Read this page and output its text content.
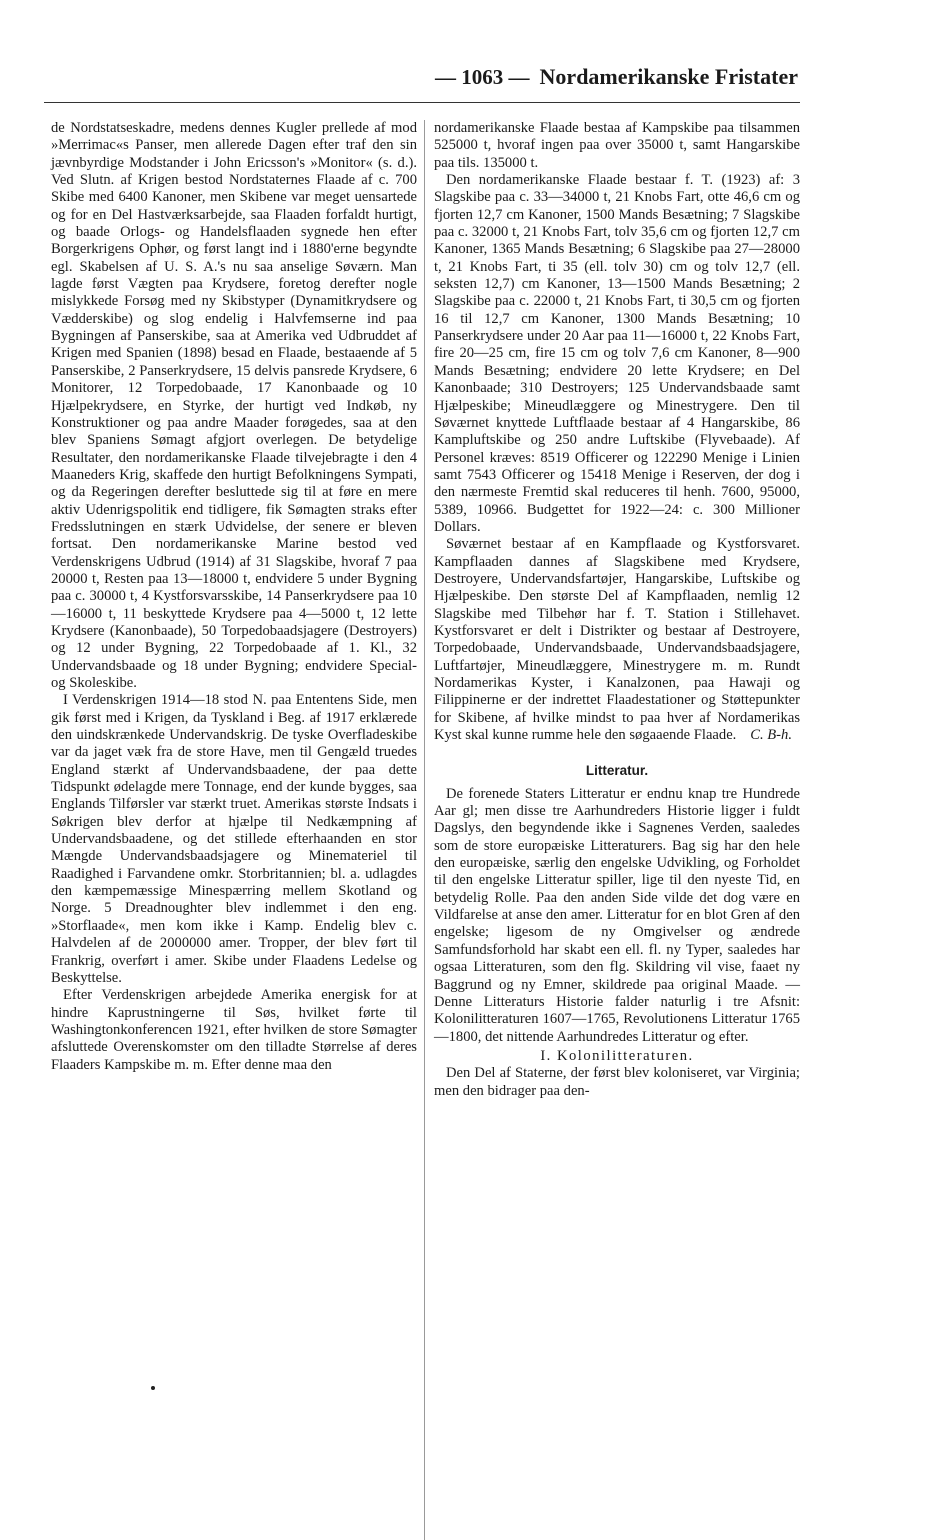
— 1063 — Nordamerikanske Fristater

de Nordstatseskadre, medens dennes Kugler prellede af mod »Merrimac«s Panser, men allerede Dagen efter traf den sin jævnbyrdige Modstander i John Ericsson's »Monitor« (s. d.). Ved Slutn. af Krigen bestod Nordstaternes Flaade af c. 700 Skibe med 6400 Kanoner, men Skibene var meget uensartede og for en Del Hastværksarbejde, saa Flaaden forfaldt hurtigt, og baade Orlogs- og Handelsflaaden sygnede hen efter Borgerkrigens Ophør, og først langt ind i 1880'erne begyndte egl. Skabelsen af U. S. A.'s nu saa anselige Søværn. Man lagde først Vægten paa Krydsere, foretog derefter nogle mislykkede Forsøg med ny Skibstyper (Dynamitkrydsere og Vædderskibe) og slog endelig i Halvfemserne ind paa Bygningen af Panserskibe, saa at Amerika ved Udbruddet af Krigen med Spanien (1898) besad en Flaade, bestaaende af 5 Panserskibe, 2 Panserkrydsere, 15 delvis pansrede Krydsere, 6 Monitorer, 12 Torpedobaade, 17 Kanonbaade og 10 Hjælpekrydsere, en Styrke, der hurtigt ved Indkøb, ny Konstruktioner og paa andre Maader forøgedes, saa at den blev Spaniens Sømagt afgjort overlegen. De betydelige Resultater, den nordamerikanske Flaade tilvejebragte i den 4 Maaneders Krig, skaffede den hurtigt Befolkningens Sympati, og da Regeringen derefter besluttede sig til at føre en mere aktiv Udenrigspolitik end tidligere, fik Sømagten straks efter Fredsslutningen en stærk Udvidelse, der senere er bleven fortsat. Den nordamerikanske Marine bestod ved Verdenskrigens Udbrud (1914) af 31 Slagskibe, hvoraf 7 paa 20000 t, Resten paa 13—18000 t, endvidere 5 under Bygning paa c. 30000 t, 4 Kystforsvarsskibe, 14 Panserkrydsere paa 10—16000 t, 11 beskyttede Krydsere paa 4—5000 t, 12 lette Krydsere (Kanonbaade), 50 Torpedobaadsjagere (Destroyers) og 12 under Bygning, 22 Torpedobaade af 1. Kl., 32 Undervandsbaade og 18 under Bygning; endvidere Special- og Skoleskibe.

I Verdenskrigen 1914—18 stod N. paa Ententens Side, men gik først med i Krigen, da Tyskland i Beg. af 1917 erklærede den uindskrænkede Undervandskrig. De tyske Overfladeskibe var da jaget væk fra de store Have, men til Gengæld truedes England stærkt af Undervandsbaadene, der paa dette Tidspunkt ødelagde mere Tonnage, end der kunde bygges, saa Englands Tilførsler var stærkt truet. Amerikas største Indsats i Søkrigen blev derfor at hjælpe til Nedkæmpning af Undervandsbaadene, og det stillede efterhaanden en stor Mængde Undervandsbaadsjagere og Minemateriel til Raadighed i Farvandene omkr. Storbritannien; bl. a. udlagdes den kæmpemæssige Minespærring mellem Skotland og Norge. 5 Dreadnoughter blev indlemmet i den eng. »Storflaade«, men kom ikke i Kamp. Endelig blev c. Halvdelen af de 2000000 amer. Tropper, der blev ført til Frankrig, overført i amer. Skibe under Flaadens Ledelse og Beskyttelse.

Efter Verdenskrigen arbejdede Amerika energisk for at hindre Kaprustningerne til Søs, hvilket førte til Washingtonkonferencen 1921, efter hvilken de store Sømagter afsluttede Overenskomster om den tilladte Størrelse af deres Flaaders Kampskibe m. m. Efter denne maa den

nordamerikanske Flaade bestaa af Kampskibe paa tilsammen 525000 t, hvoraf ingen paa over 35000 t, samt Hangarskibe paa tils. 135000 t.

Den nordamerikanske Flaade bestaar f. T. (1923) af: 3 Slagskibe paa c. 33—34000 t, 21 Knobs Fart, otte 46,6 cm og fjorten 12,7 cm Kanoner, 1500 Mands Besætning; 7 Slagskibe paa c. 32000 t, 21 Knobs Fart, tolv 35,6 cm og fjorten 12,7 cm Kanoner, 1365 Mands Besætning; 6 Slagskibe paa 27—28000 t, 21 Knobs Fart, ti 35 (ell. tolv 30) cm og tolv 12,7 (ell. seksten 12,7) cm Kanoner, 13—1500 Mands Besætning; 2 Slagskibe paa c. 22000 t, 21 Knobs Fart, ti 30,5 cm og fjorten 16 til 12,7 cm Kanoner, 1300 Mands Besætning; 10 Panserkrydsere under 20 Aar paa 11—16000 t, 22 Knobs Fart, fire 20—25 cm, fire 15 cm og tolv 7,6 cm Kanoner, 8—900 Mands Besætning; endvidere 20 lette Krydsere; en Del Kanonbaade; 310 Destroyers; 125 Undervandsbaade samt Hjælpeskibe; Mineudlæggere og Minestrygere. Den til Søværnet knyttede Luftflaade bestaar af 4 Hangarskibe, 86 Kampluftskibe og 250 andre Luftskibe (Flyvebaade). Af Personel kræves: 8519 Officerer og 122290 Menige i Linien samt 7543 Officerer og 15418 Menige i Reserven, der dog i den nærmeste Fremtid skal reduceres til henh. 7600, 95000, 5389, 10966. Budgettet for 1922—24: c. 300 Millioner Dollars.

Søværnet bestaar af en Kampflaade og Kystforsvaret. Kampflaaden dannes af Slagskibene med Krydsere, Destroyere, Undervandsfartøjer, Hangarskibe, Luftskibe og Hjælpeskibe. Den største Del af Kampflaaden, nemlig 12 Slagskibe med Tilbehør har f. T. Station i Stillehavet. Kystforsvaret er delt i Distrikter og bestaar af Destroyere, Torpedobaade, Undervandsbaade, Undervandsbaadsjagere, Luftfartøjer, Mineudlæggere, Minestrygere m. m. Rundt Nordamerikas Kyster, i Kanalzonen, paa Hawaji og Filippinerne er der indrettet Flaadestationer og Støttepunkter for Skibene, af hvilke mindst to paa hver af Nordamerikas Kyst skal kunne rumme hele den søgaaende Flaade. C. B-h.

Litteratur.

De forenede Staters Litteratur er endnu knap tre Hundrede Aar gl; men disse tre Aarhundreders Historie ligger i fuldt Dagslys, den begyndende ikke i Sagnenes Verden, saaledes som de store europæiske Litteraturers. Bag sig har den hele den europæiske, særlig den engelske Udvikling, og Forholdet til den engelske Litteratur spiller, lige til den nyeste Tid, en betydelig Rolle. Paa den anden Side vilde det dog være en Vildfarelse at anse den amer. Litteratur for en blot Gren af den engelske; ligesom de ny Omgivelser og ændrede Samfundsforhold har skabt een ell. fl. ny Typer, saaledes har ogsaa Litteraturen, som den flg. Skildring vil vise, faaet ny Baggrund og ny Emner, skildrede paa original Maade. — Denne Litteraturs Historie falder naturlig i tre Afsnit: Kolonilitteraturen 1607—1765, Revolutionens Litteratur 1765—1800, det nittende Aarhundredes Litteratur og efter.

I. Kolonilitteraturen.

Den Del af Staterne, der først blev koloniseret, var Virginia; men den bidrager paa den-
